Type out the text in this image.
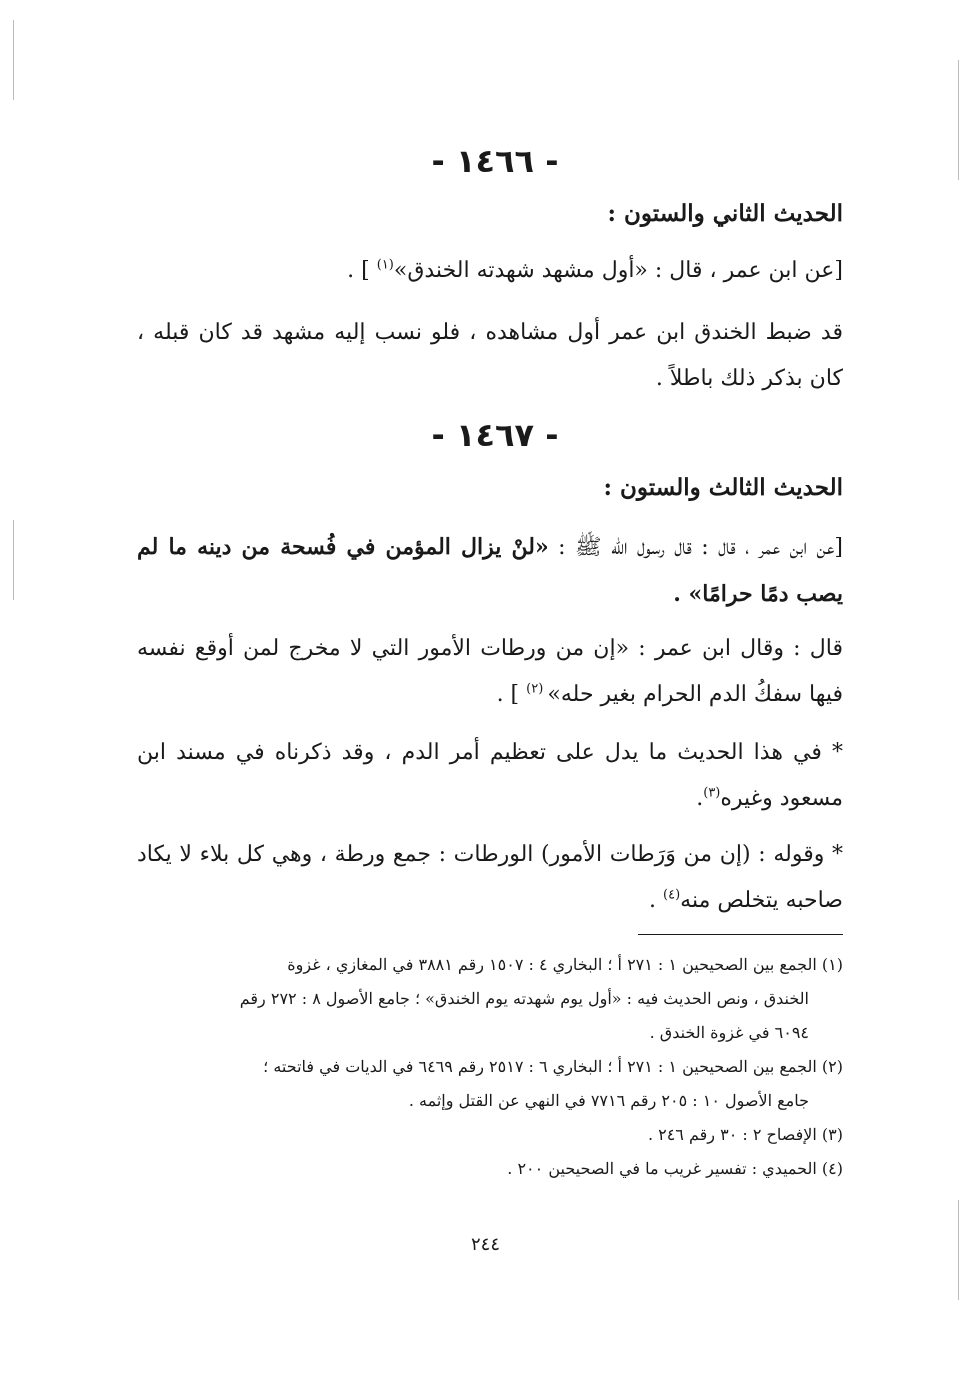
- ١٤٦٦ -
الحديث الثاني والستون :

[عن ابن عمر ، قال : «أول مشهد شهدته الخندق»$^{(١)}$ ] .

قد ضبط الخندق ابن عمر أول مشاهده ، فلو نسب إليه مشهد قد كان قبله ، كان بذكر ذلك باطلاً .

- ١٤٦٧ -
الحديث الثالث والستون :

[عن ابن عمر ، قال : قال رسول الله ﷺ : «لنْ يزال المؤمن في فُسحة من دينه ما لم يصب دمًا حرامًا» .

قال : وقال ابن عمر : «إن من ورطات الأمور التي لا مخرج لمن أوقع نفسه فيها سفكُ الدم الحرام بغير حله» $^{(٢)}$ ] .

* في هذا الحديث ما يدل على تعظيم أمر الدم ، وقد ذكرناه في مسند ابن مسعود وغيره$^{(٣)}$.

* وقوله : (إن من وَرَطات الأمور) الورطات : جمع ورطة ، وهي كل بلاء لا يكاد صاحبه يتخلص منه$^{(٤)}$ .

(١) الجمع بين الصحيحين ١ : ٢٧١ أ ؛ البخاري ٤ : ١٥٠٧ رقم ٣٨٨١ في المغازي ، غزوة

الخندق ، ونص الحديث فيه : «أول يوم شهدته يوم الخندق» ؛ جامع الأصول ٨ : ٢٧٢ رقم

٦٠٩٤ في غزوة الخندق .

(٢) الجمع بين الصحيحين ١ : ٢٧١ أ ؛ البخاري ٦ : ٢٥١٧ رقم ٦٤٦٩ في الديات في فاتحته ؛

جامع الأصول ١٠ : ٢٠٥ رقم ٧٧١٦ في النهي عن القتل وإثمه .

(٣) الإفصاح ٢ : ٣٠ رقم ٢٤٦ .

(٤) الحميدي : تفسير غريب ما في الصحيحين ٢٠٠ .

٢٤٤
